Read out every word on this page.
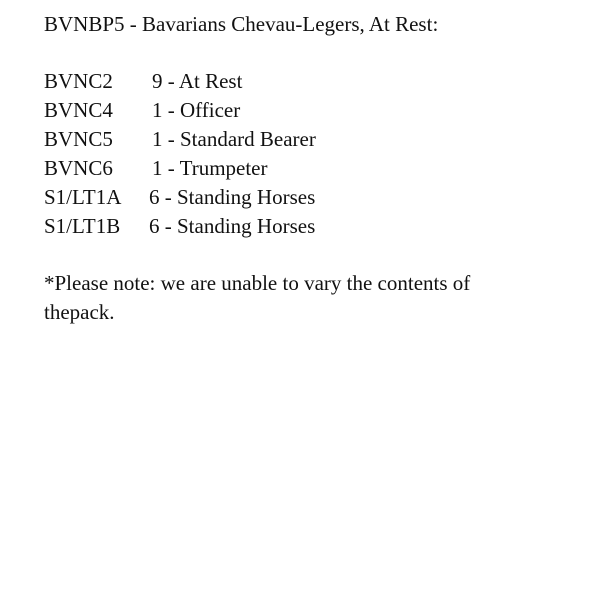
BVNBP5 - Bavarians Chevau-Legers, At Rest:

BVNC2	9 - At Rest
BVNC4	1 - Officer
BVNC5	1 - Standard Bearer
BVNC6	1 - Trumpeter
S1/LT1A	6 - Standing Horses
S1/LT1B	6 - Standing Horses

*Please note: we are unable to vary the contents of thepack.
